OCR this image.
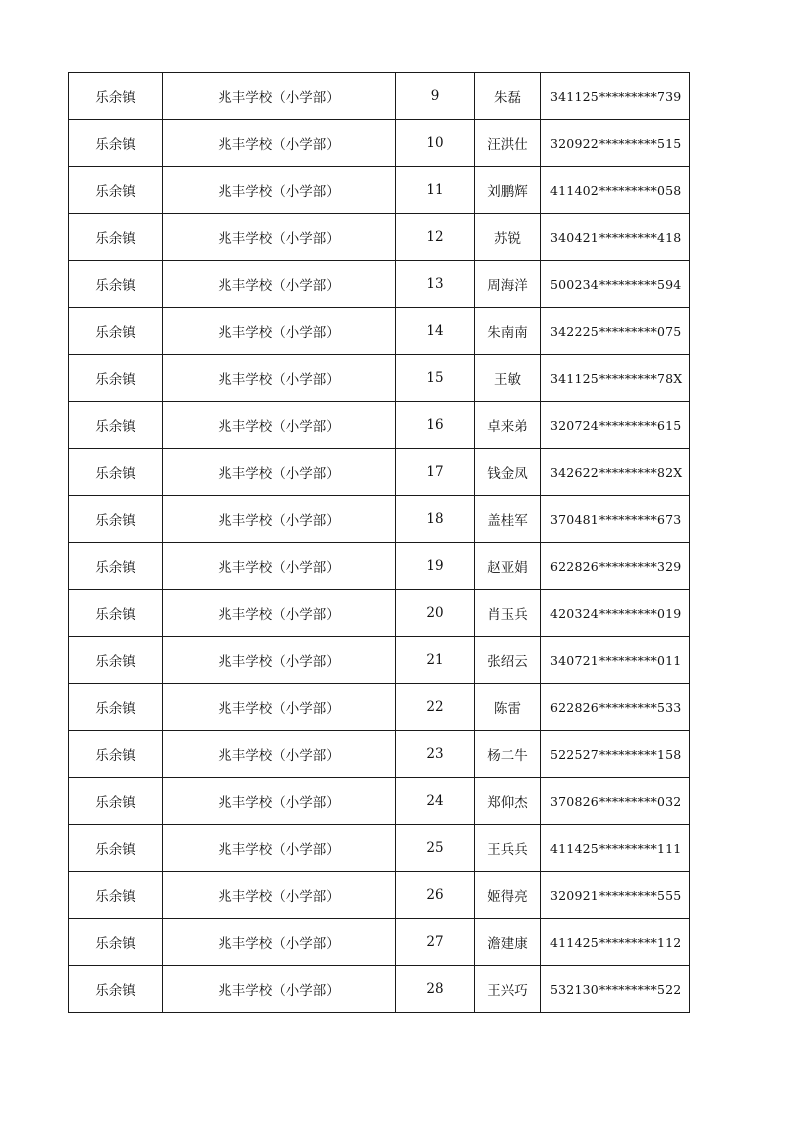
乐余镇	兆丰学校（小学部）	9	朱磊	341125*********739
乐余镇	兆丰学校（小学部）	10	汪洪仕	320922*********515
乐余镇	兆丰学校（小学部）	11	刘鹏辉	411402*********058
乐余镇	兆丰学校（小学部）	12	苏锐	340421*********418
乐余镇	兆丰学校（小学部）	13	周海洋	500234*********594
乐余镇	兆丰学校（小学部）	14	朱南南	342225*********075
乐余镇	兆丰学校（小学部）	15	王敏	341125*********78X
乐余镇	兆丰学校（小学部）	16	卓来弟	320724*********615
乐余镇	兆丰学校（小学部）	17	钱金凤	342622*********82X
乐余镇	兆丰学校（小学部）	18	盖桂军	370481*********673
乐余镇	兆丰学校（小学部）	19	赵亚娟	622826*********329
乐余镇	兆丰学校（小学部）	20	肖玉兵	420324*********019
乐余镇	兆丰学校（小学部）	21	张绍云	340721*********011
乐余镇	兆丰学校（小学部）	22	陈雷	622826*********533
乐余镇	兆丰学校（小学部）	23	杨二牛	522527*********158
乐余镇	兆丰学校（小学部）	24	郑仰杰	370826*********032
乐余镇	兆丰学校（小学部）	25	王兵兵	411425*********111
乐余镇	兆丰学校（小学部）	26	姬得亮	320921*********555
乐余镇	兆丰学校（小学部）	27	澹建康	411425*********112
乐余镇	兆丰学校（小学部）	28	王兴巧	532130*********522
